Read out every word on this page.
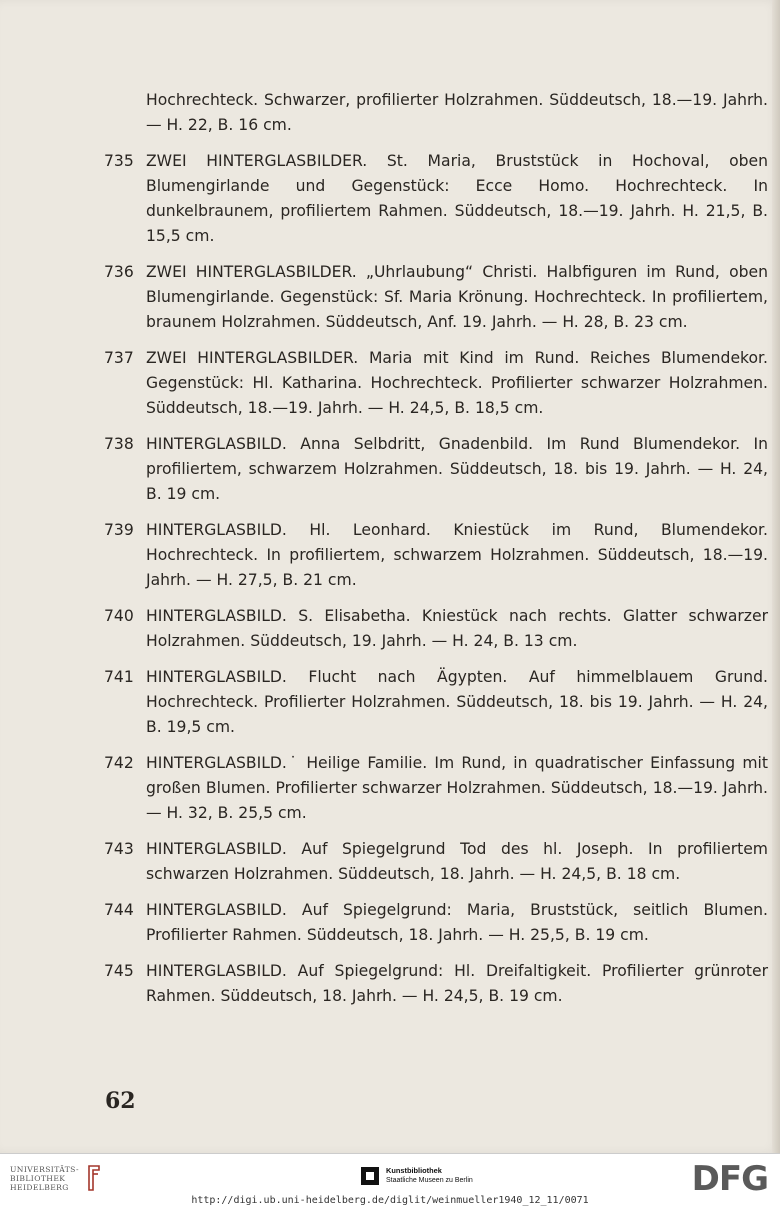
Hochrechteck. Schwarzer, profilierter Holzrahmen. Süddeutsch, 18.—19. Jahrh. — H. 22, B. 16 cm.
735 ZWEI HINTERGLASBILDER. St. Maria, Bruststück in Hochoval, oben Blumengirlande und Gegenstück: Ecce Homo. Hochrechteck. In dunkelbraunem, profiliertem Rahmen. Süddeutsch, 18.—19. Jahrh. H. 21,5, B. 15,5 cm.
736 ZWEI HINTERGLASBILDER. „Uhrlaubung“ Christi. Halbfiguren im Rund, oben Blumengirlande. Gegenstück: Sf. Maria Krönung. Hochrechteck. In profiliertem, braunem Holzrahmen. Süddeutsch, Anf. 19. Jahrh. — H. 28, B. 23 cm.
737 ZWEI HINTERGLASBILDER. Maria mit Kind im Rund. Reiches Blumendekor. Gegenstück: Hl. Katharina. Hochrechteck. Profilierter schwarzer Holzrahmen. Süddeutsch, 18.—19. Jahrh. — H. 24,5, B. 18,5 cm.
738 HINTERGLASBILD. Anna Selbdritt, Gnadenbild. Im Rund Blumendekor. In profiliertem, schwarzem Holzrahmen. Süddeutsch, 18. bis 19. Jahrh. — H. 24, B. 19 cm.
739 HINTERGLASBILD. Hl. Leonhard. Kniestück im Rund, Blumendekor. Hochrechteck. In profiliertem, schwarzem Holzrahmen. Süddeutsch, 18.—19. Jahrh. — H. 27,5, B. 21 cm.
740 HINTERGLASBILD. S. Elisabetha. Kniestück nach rechts. Glatter schwarzer Holzrahmen. Süddeutsch, 19. Jahrh. — H. 24, B. 13 cm.
741 HINTERGLASBILD. Flucht nach Ägypten. Auf himmelblauem Grund. Hochrechteck. Profilierter Holzrahmen. Süddeutsch, 18. bis 19. Jahrh. — H. 24, B. 19,5 cm.
742 HINTERGLASBILD.˙ Heilige Familie. Im Rund, in quadratischer Einfassung mit großen Blumen. Profilierter schwarzer Holzrahmen. Süddeutsch, 18.—19. Jahrh. — H. 32, B. 25,5 cm.
743 HINTERGLASBILD. Auf Spiegelgrund Tod des hl. Joseph. In profiliertem schwarzen Holzrahmen. Süddeutsch, 18. Jahrh. — H. 24,5, B. 18 cm.
744 HINTERGLASBILD. Auf Spiegelgrund: Maria, Bruststück, seitlich Blumen. Profilierter Rahmen. Süddeutsch, 18. Jahrh. — H. 25,5, B. 19 cm.
745 HINTERGLASBILD. Auf Spiegelgrund: Hl. Dreifaltigkeit. Profilierter grünroter Rahmen. Süddeutsch, 18. Jahrh. — H. 24,5, B. 19 cm.
62
UNIVERSITÄTS-
BIBLIOTHEK
HEIDELBERG
Kunstbibliothek
Staatliche Museen zu Berlin	DFG
http://digi.ub.uni-heidelberg.de/diglit/weinmueller1940_12_11/0071
